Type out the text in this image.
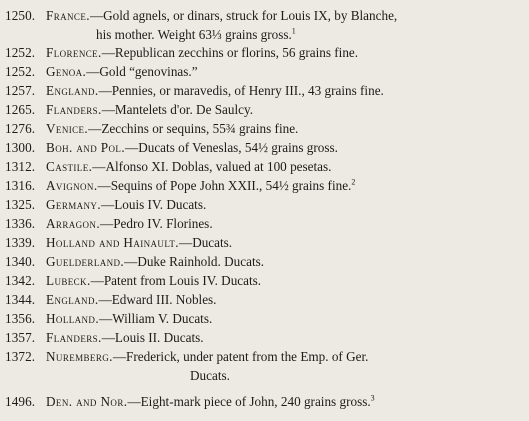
1250. France.—Gold agnels, or dinars, struck for Louis IX, by Blanche,
his mother. Weight 63⅓ grains gross.$^1$
1252. Florence.—Republican zecchins or florins, 56 grains fine.
1252. Genoa.—Gold “genovinas.”
1257. England.—Pennies, or maravedis, of Henry III., 43 grains fine.
1265. Flanders.—Mantelets d'or. De Saulcy.
1276. Venice.—Zecchins or sequins, 55¾ grains fine.
1300. Boh. and Pol.—Ducats of Veneslas, 54½ grains gross.
1312. Castile.—Alfonso XI. Doblas, valued at 100 pesetas.
1316. Avignon.—Sequins of Pope John XXII., 54½ grains fine.$^2$
1325. Germany.—Louis IV. Ducats.
1336. Arragon.—Pedro IV. Florines.
1339. Holland and Hainault.—Ducats.
1340. Guelderland.—Duke Rainhold. Ducats.
1342. Lubeck.—Patent from Louis IV. Ducats.
1344. England.—Edward III. Nobles.
1356. Holland.—William V. Ducats.
1357. Flanders.—Louis II. Ducats.
1372. Nuremberg.—Frederick, under patent from the Emp. of Ger.
Ducats.
1496. Den. and Nor.—Eight-mark piece of John, 240 grains gross.$^3$
